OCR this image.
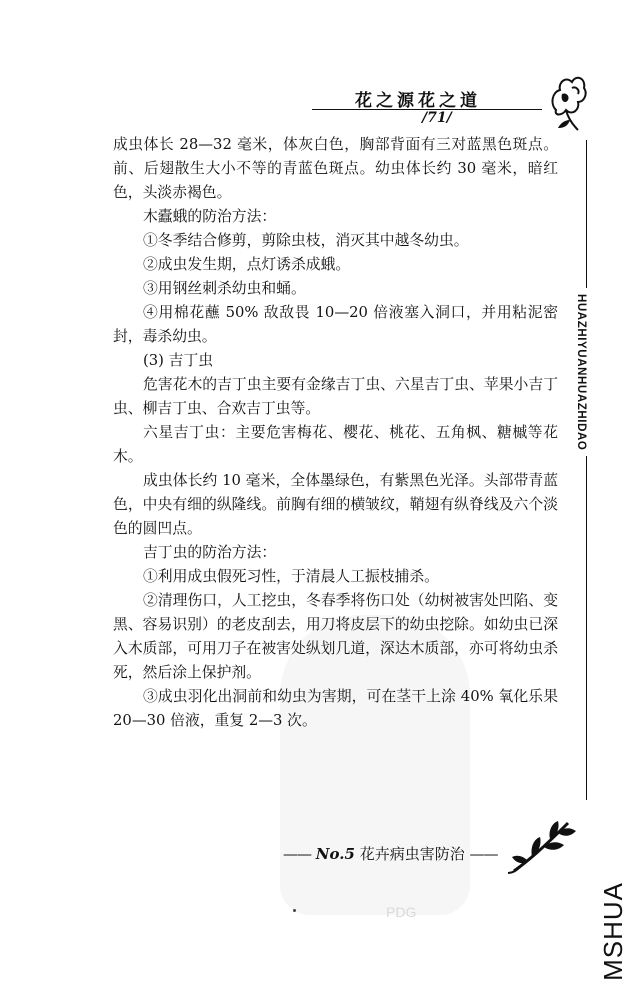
PDG
花之源花之道
/71/
HUAZHIYUANHUAZHIDAO

成虫体长 28—32 毫米，体灰白色，胸部背面有三对蓝黑色斑点。前、后翅散生大小不等的青蓝色斑点。幼虫体长约 30 毫米，暗红色，头淡赤褐色。

木蠹蛾的防治方法：

①冬季结合修剪，剪除虫枝，消灭其中越冬幼虫。

②成虫发生期，点灯诱杀成蛾。

③用钢丝刺杀幼虫和蛹。

④用棉花蘸 50% 敌敌畏 10—20 倍液塞入洞口，并用粘泥密封，毒杀幼虫。

(3) 吉丁虫

危害花木的吉丁虫主要有金缘吉丁虫、六星吉丁虫、苹果小吉丁虫、柳吉丁虫、合欢吉丁虫等。

六星吉丁虫：主要危害梅花、樱花、桃花、五角枫、糖槭等花木。

成虫体长约 10 毫米，全体墨绿色，有紫黑色光泽。头部带青蓝色，中央有细的纵隆线。前胸有细的横皱纹，鞘翅有纵脊线及六个淡色的圆凹点。

吉丁虫的防治方法：

①利用成虫假死习性，于清晨人工振枝捕杀。

②清理伤口，人工挖虫，冬春季将伤口处（幼树被害处凹陷、变黑、容易识别）的老皮刮去，用刀将皮层下的幼虫挖除。如幼虫已深入木质部，可用刀子在被害处纵划几道，深达木质部，亦可将幼虫杀死，然后涂上保护剂。

③成虫羽化出洞前和幼虫为害期，可在茎干上涂 40% 氧化乐果 20—30 倍液，重复 2—3 次。

—— No.5 花卉病虫害防治 ——
MSHUA
